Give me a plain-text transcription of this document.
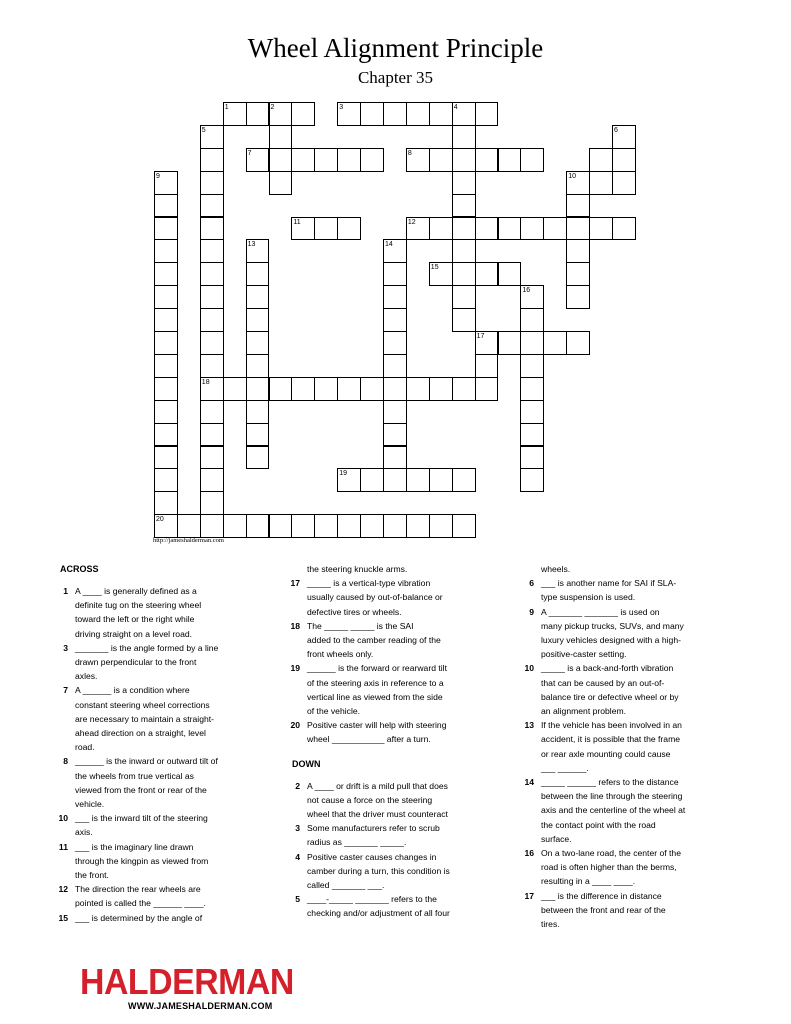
Wheel Alignment Principle
Chapter 35
1	2	3	4
5	6
7	8
9	10
11	12
13	14
15
16
17
18
19
20
http://jameshalderman.com
ACROSS
1 A ____ is generally defined as a
definite tug on the steering wheel
toward the left or the right while
driving straight on a level road.
3 _______ is the angle formed by a line
drawn perpendicular to the front
axles.
7 A ______ is a condition where
constant steering wheel corrections
are necessary to maintain a straight-
ahead direction on a straight, level
road.
8 ______ is the inward or outward tilt of
the wheels from true vertical as
viewed from the front or rear of the
vehicle.
10 ___ is the inward tilt of the steering
axis.
11 ___ is the imaginary line drawn
through the kingpin as viewed from
the front.
12 The direction the rear wheels are
pointed is called the ______ ____.
15 ___ is determined by the angle of
the steering knuckle arms.
17 _____ is a vertical-type vibration
usually caused by out-of-balance or
defective tires or wheels.
18 The _____ _____ is the SAI
added to the camber reading of the
front wheels only.
19 ______ is the forward or rearward tilt
of the steering axis in reference to a
vertical line as viewed from the side
of the vehicle.
20 Positive caster will help with steering
wheel ___________ after a turn.
DOWN
2 A ____ or drift is a mild pull that does
not cause a force on the steering
wheel that the driver must counteract
3 Some manufacturers refer to scrub
radius as _______ _____.
4 Positive caster causes changes in
camber during a turn, this condition is
called _______ ___.
5 ____-_____ _______ refers to the
checking and/or adjustment of all four
wheels.
6 ___ is another name for SAI if SLA-
type suspension is used.
9 A _______ _______ is used on
many pickup trucks, SUVs, and many
luxury vehicles designed with a high-
positive-caster setting.
10 _____ is a back-and-forth vibration
that can be caused by an out-of-
balance tire or defective wheel or by
an alignment problem.
13 If the vehicle has been involved in an
accident, it is possible that the frame
or rear axle mounting could cause
___ ______.
14 _____ ______ refers to the distance
between the line through the steering
axis and the centerline of the wheel at
the contact point with the road
surface.
16 On a two-lane road, the center of the
road is often higher than the berms,
resulting in a ____ ____.
17 ___ is the difference in distance
between the front and rear of the
tires.
HALDERMAN
WWW.JAMESHALDERMAN.COM
